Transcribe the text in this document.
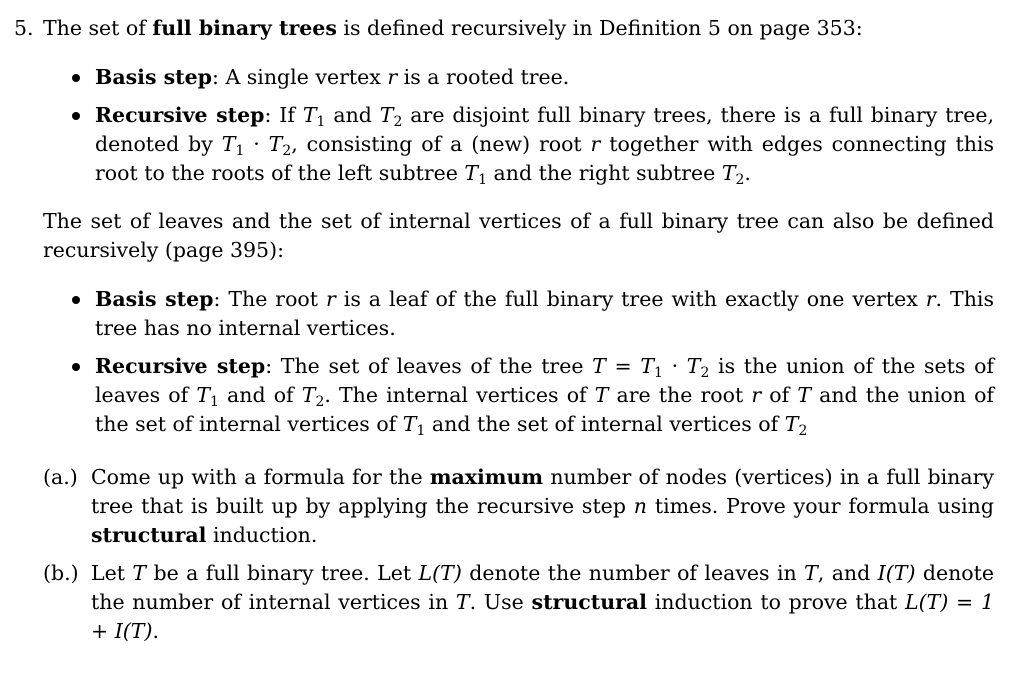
5. The set of full binary trees is defined recursively in Definition 5 on page 353:
Basis step: A single vertex r is a rooted tree.
Recursive step: If $T_1$ and $T_2$ are disjoint full binary trees, there is a full binary tree, denoted by $T_1 \cdot T_2$, consisting of a (new) root r together with edges connecting this root to the roots of the left subtree $T_1$ and the right subtree $T_2$.
The set of leaves and the set of internal vertices of a full binary tree can also be defined recursively (page 395):
Basis step: The root r is a leaf of the full binary tree with exactly one vertex r. This tree has no internal vertices.
Recursive step: The set of leaves of the tree $T = T_1 \cdot T_2$ is the union of the sets of leaves of $T_1$ and of $T_2$. The internal vertices of T are the root r of T and the union of the set of internal vertices of $T_1$ and the set of internal vertices of $T_2$
(a.) Come up with a formula for the maximum number of nodes (vertices) in a full binary tree that is built up by applying the recursive step n times. Prove your formula using structural induction.
(b.) Let T be a full binary tree. Let L(T) denote the number of leaves in T, and I(T) denote the number of internal vertices in T. Use structural induction to prove that L(T) = 1 + I(T).
